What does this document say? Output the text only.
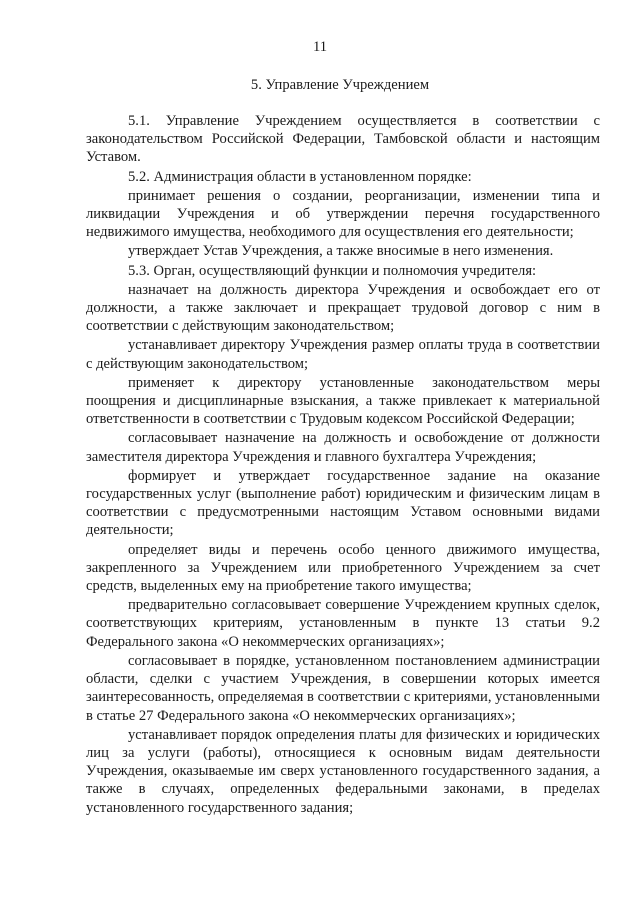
11
5. Управление Учреждением

5.1. Управление Учреждением осуществляется в соответствии с законодательством Российской Федерации, Тамбовской области и настоящим Уставом.

5.2. Администрация области в установленном порядке:

принимает решения о создании, реорганизации, изменении типа и ликвидации Учреждения и об утверждении перечня государственного недвижимого имущества, необходимого для осуществления его деятельности;

утверждает Устав Учреждения, а также вносимые в него изменения.

5.3. Орган, осуществляющий функции и полномочия учредителя:

назначает на должность директора Учреждения и освобождает его от должности, а также заключает и прекращает трудовой договор с ним в соответствии с действующим законодательством;

устанавливает директору Учреждения размер оплаты труда в соответствии с действующим законодательством;

применяет к директору установленные законодательством меры поощрения и дисциплинарные взыскания, а также привлекает к материальной ответственности в соответствии с Трудовым кодексом Российской Федерации;

согласовывает назначение на должность и освобождение от должности заместителя директора Учреждения и главного бухгалтера Учреждения;

формирует и утверждает государственное задание на оказание государственных услуг (выполнение работ) юридическим и физическим лицам в соответствии с предусмотренными настоящим Уставом основными видами деятельности;

определяет виды и перечень особо ценного движимого имущества, закрепленного за Учреждением или приобретенного Учреждением за счет средств, выделенных ему на приобретение такого имущества;

предварительно согласовывает совершение Учреждением крупных сделок, соответствующих критериям, установленным в пункте 13 статьи 9.2 Федерального закона «О некоммерческих организациях»;

согласовывает в порядке, установленном постановлением администрации области, сделки с участием Учреждения, в совершении которых имеется заинтересованность, определяемая в соответствии с критериями, установленными в статье 27 Федерального закона «О некоммерческих организациях»;

устанавливает порядок определения платы для физических и юридических лиц за услуги (работы), относящиеся к основным видам деятельности Учреждения, оказываемые им сверх установленного государственного задания, а также в случаях, определенных федеральными законами, в пределах установленного государственного задания;
